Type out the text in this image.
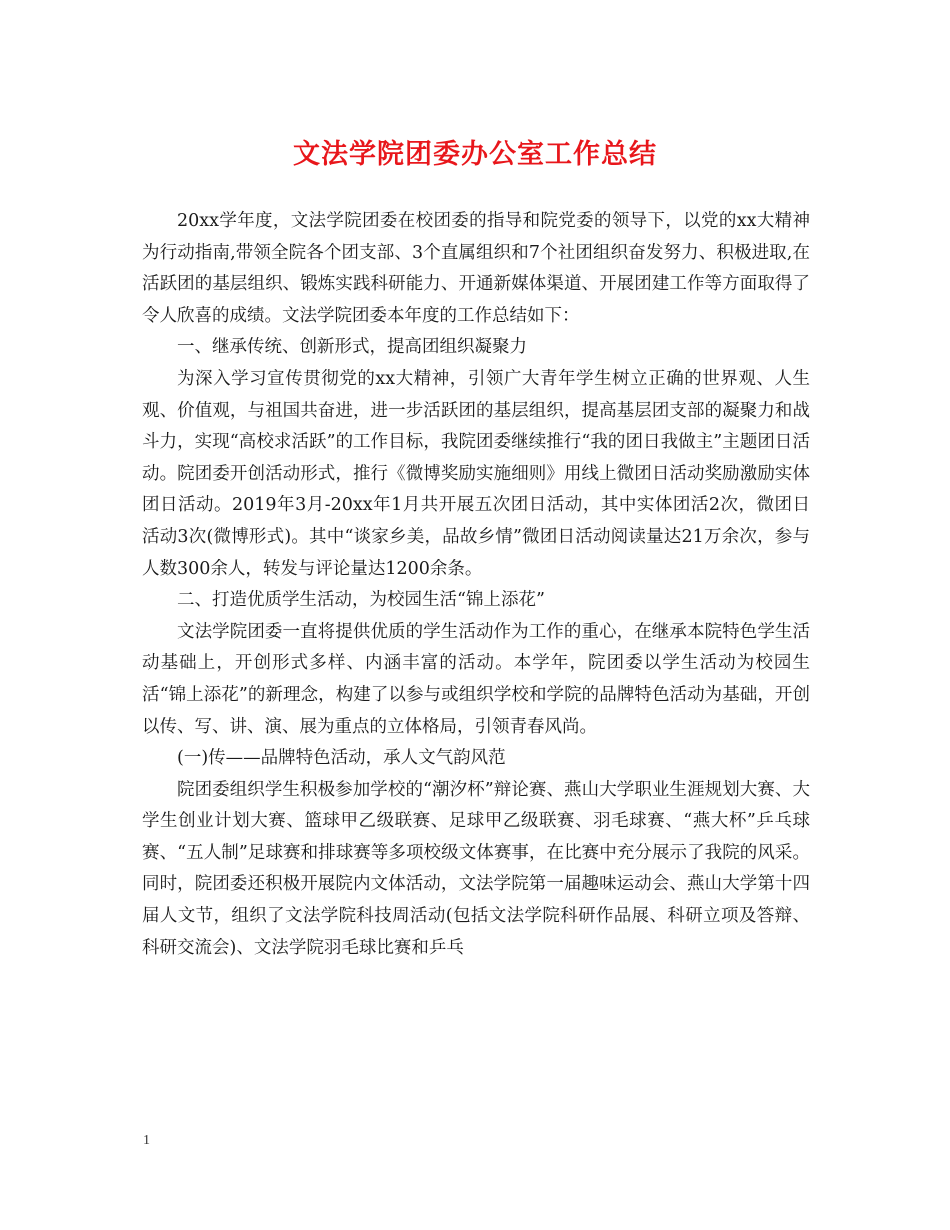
文法学院团委办公室工作总结

20xx学年度，文法学院团委在校团委的指导和院党委的领导下，以党的xx大精神为行动指南,带领全院各个团支部、3个直属组织和7个社团组织奋发努力、积极进取,在活跃团的基层组织、锻炼实践科研能力、开通新媒体渠道、开展团建工作等方面取得了令人欣喜的成绩。文法学院团委本年度的工作总结如下：

一、继承传统、创新形式，提高团组织凝聚力

为深入学习宣传贯彻党的xx大精神，引领广大青年学生树立正确的世界观、人生观、价值观，与祖国共奋进，进一步活跃团的基层组织，提高基层团支部的凝聚力和战斗力，实现“高校求活跃”的工作目标，我院团委继续推行“我的团日我做主”主题团日活动。院团委开创活动形式，推行《微博奖励实施细则》用线上微团日活动奖励激励实体团日活动。2019年3月-20xx年1月共开展五次团日活动，其中实体团活2次，微团日活动3次(微博形式)。其中“谈家乡美，品故乡情”微团日活动阅读量达21万余次，参与人数300余人，转发与评论量达1200余条。

二、打造优质学生活动，为校园生活“锦上添花”

文法学院团委一直将提供优质的学生活动作为工作的重心，在继承本院特色学生活动基础上，开创形式多样、内涵丰富的活动。本学年，院团委以学生活动为校园生活“锦上添花”的新理念，构建了以参与或组织学校和学院的品牌特色活动为基础，开创以传、写、讲、演、展为重点的立体格局，引领青春风尚。

(一)传——品牌特色活动，承人文气韵风范

院团委组织学生积极参加学校的“潮汐杯”辩论赛、燕山大学职业生涯规划大赛、大学生创业计划大赛、篮球甲乙级联赛、足球甲乙级联赛、羽毛球赛、“燕大杯”乒乓球赛、“五人制”足球赛和排球赛等多项校级文体赛事，在比赛中充分展示了我院的风采。同时，院团委还积极开展院内文体活动，文法学院第一届趣味运动会、燕山大学第十四届人文节，组织了文法学院科技周活动(包括文法学院科研作品展、科研立项及答辩、科研交流会)、文法学院羽毛球比赛和乒乓

1
